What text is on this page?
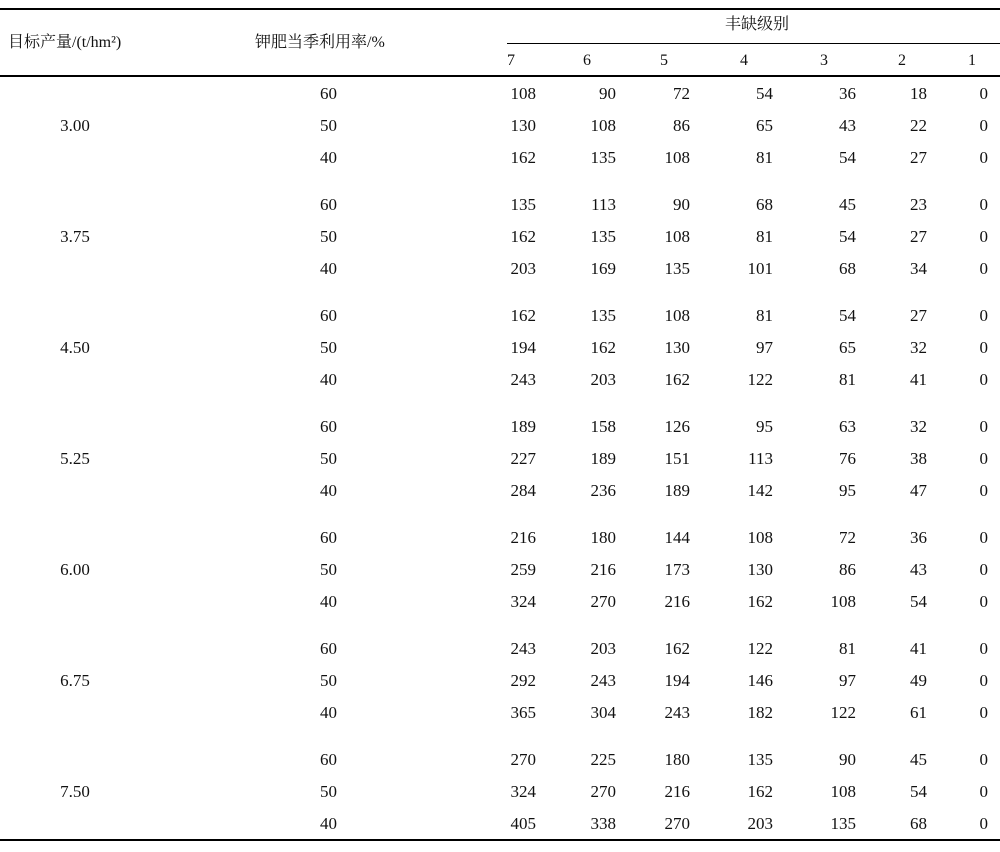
目标产量/(t/hm²)	钾肥当季利用率/%
丰缺级别
7	6	5	4	3	2	1
3.00
60	108	90	72	54	36	18	0
50	130	108	86	65	43	22	0
40	162	135	108	81	54	27	0
3.75
60	135	113	90	68	45	23	0
50	162	135	108	81	54	27	0
40	203	169	135	101	68	34	0
4.50
60	162	135	108	81	54	27	0
50	194	162	130	97	65	32	0
40	243	203	162	122	81	41	0
5.25
60	189	158	126	95	63	32	0
50	227	189	151	113	76	38	0
40	284	236	189	142	95	47	0
6.00
60	216	180	144	108	72	36	0
50	259	216	173	130	86	43	0
40	324	270	216	162	108	54	0
6.75
60	243	203	162	122	81	41	0
50	292	243	194	146	97	49	0
40	365	304	243	182	122	61	0
7.50
60	270	225	180	135	90	45	0
50	324	270	216	162	108	54	0
40	405	338	270	203	135	68	0
